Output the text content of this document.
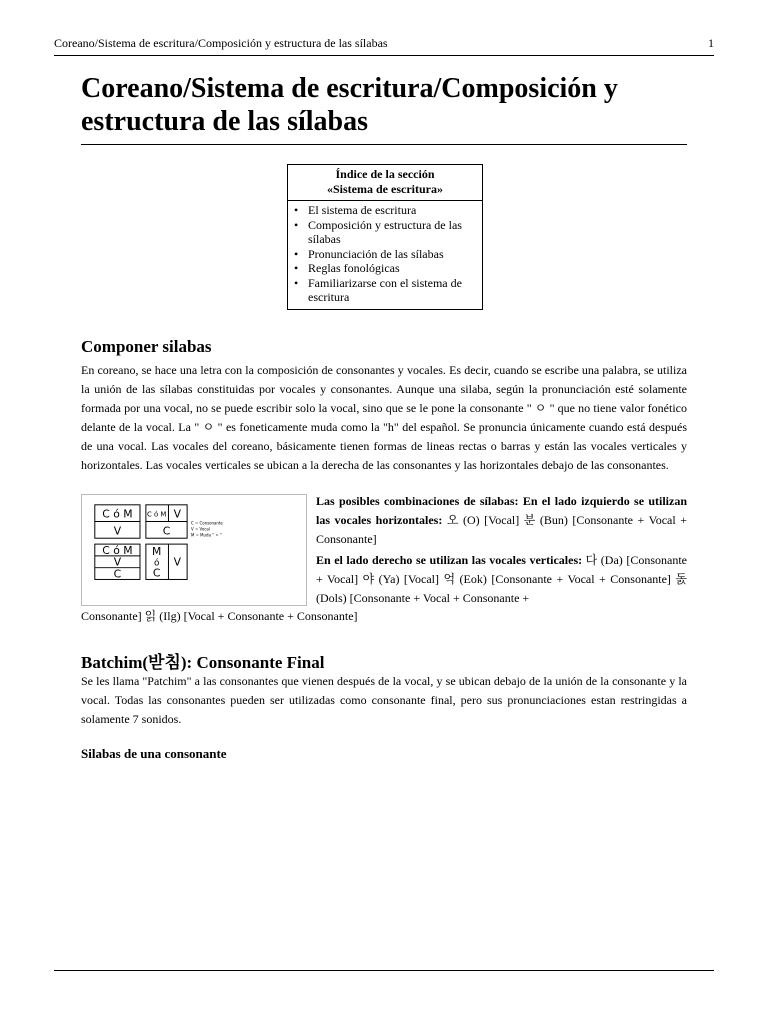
Coreano/Sistema de escritura/Composición y estructura de las sílabas	1
Coreano/Sistema de escritura/Composición y estructura de las sílabas
Índice de la sección
«Sistema de escritura»
• El sistema de escritura
• Composición y estructura de las sílabas
• Pronunciación de las sílabas
• Reglas fonológicas
• Familiarizarse con el sistema de escritura
Componer silabas

En coreano, se hace una letra con la composición de consonantes y vocales. Es decir, cuando se escribe una palabra, se utiliza la unión de las sílabas constituidas por vocales y consonantes. Aunque una silaba, según la pronunciación esté solamente formada por una vocal, no se puede escribir solo la vocal, sino que se le pone la consonante " ㅇ " que no tiene valor fonético delante de la vocal. La " ㅇ " es foneticamente muda como la "h" del español. Se pronuncia únicamente cuando está después de una vocal. Las vocales del coreano, básicamente tienen formas de lineas rectas o barras y están las vocales verticales y horizontales. Las vocales verticales se ubican a la derecha de las consonantes y las horizontales debajo de las consonantes.

C ó M
V
C ó M V
C
C = Consonante
V = Vocal
M = Muda " ㅇ "
C ó M
V
C
M
ó
C
V

Las posibles combinaciones de sílabas: En el lado izquierdo se utilizan las vocales horizontales: 오 (O) [Vocal] 분 (Bun) [Consonante + Vocal + Consonante]

En el lado derecho se utilizan las vocales verticales: 다 (Da) [Consonante + Vocal] 야 (Ya) [Vocal] 억 (Eok) [Consonante + Vocal + Consonante] 돐 (Dols) [Consonante + Vocal + Consonante +

Consonante] 읽 (Ilg) [Vocal + Consonante + Consonante]

Batchim(받침): Consonante Final

Se les llama "Patchim" a las consonantes que vienen después de la vocal, y se ubican debajo de la unión de la consonante y la vocal. Todas las consonantes pueden ser utilizadas como consonante final, pero sus pronunciaciones estan restringidas a solamente 7 sonidos.

Silabas de una consonante
